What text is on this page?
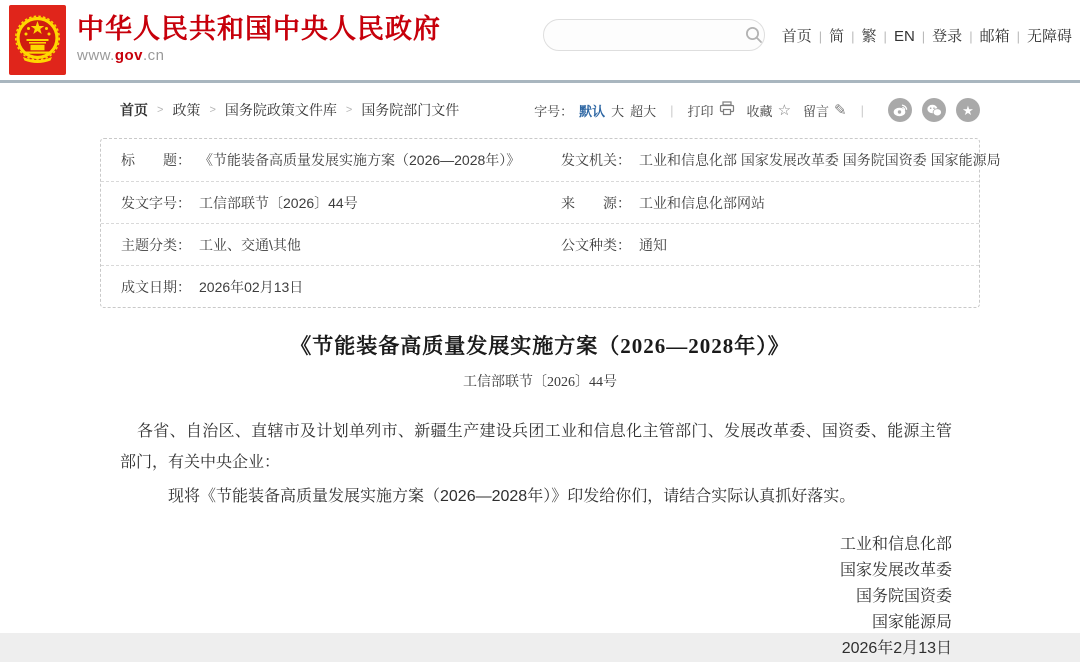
中华人民共和国中央人民政府
www.gov.cn
首页 | 简 | 繁 | EN | 登录 | 邮箱 | 无障碍
首页 > 政策 > 国务院政策文件库 > 国务院部门文件	字号： 默认 大 超大 | 打印	收藏 ☆ 留言 ✎ |	★
标　　题： 《节能装备高质量发展实施方案（2026—2028年）》	发文机关： 工业和信息化部 国家发展改革委 国务院国资委 国家能源局
发文字号： 工信部联节〔2026〕44号	来　　源： 工业和信息化部网站
主题分类： 工业、交通\其他	公文种类： 通知
成文日期： 2026年02月13日
《节能装备高质量发展实施方案（2026—2028年）》
工信部联节〔2026〕44号

各省、自治区、直辖市及计划单列市、新疆生产建设兵团工业和信息化主管部门、发展改革委、国资委、能源主管部门，有关中央企业：

现将《节能装备高质量发展实施方案（2026—2028年）》印发给你们，请结合实际认真抓好落实。

工业和信息化部
国家发展改革委
国务院国资委
国家能源局
2026年2月13日
